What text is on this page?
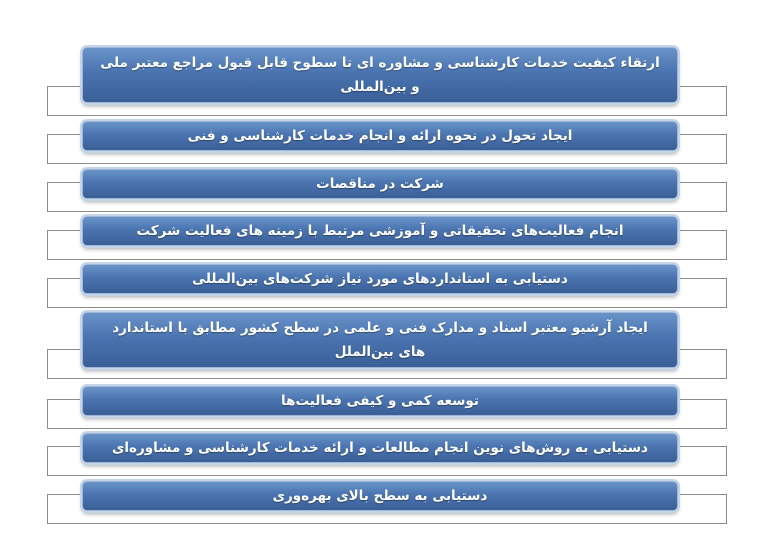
ارتقاء کیفیت خدمات کارشناسی و مشاوره ای تا سطوح قابل قبول مراجع معتبر ملی و بین‌المللی
ایجاد تحول در نحوه ارائه و انجام خدمات کارشناسی و فنی
شرکت در مناقصات
انجام فعالیت‌های تحقیقاتی و آموزشی مرتبط با زمینه های فعالیت شرکت
دستیابی به استانداردهای مورد نیاز شرکت‌های بین‌المللی
ایجاد آرشیو معتبر اسناد و مدارک فنی و علمی در سطح کشور مطابق با استاندارد های بین‌الملل
توسعه کمی و کیفی فعالیت‌ها
دستیابی به روش‌های نوین انجام مطالعات و ارائه خدمات کارشناسی و مشاوره‌ای
دستیابی به سطح بالای بهره‌وری
